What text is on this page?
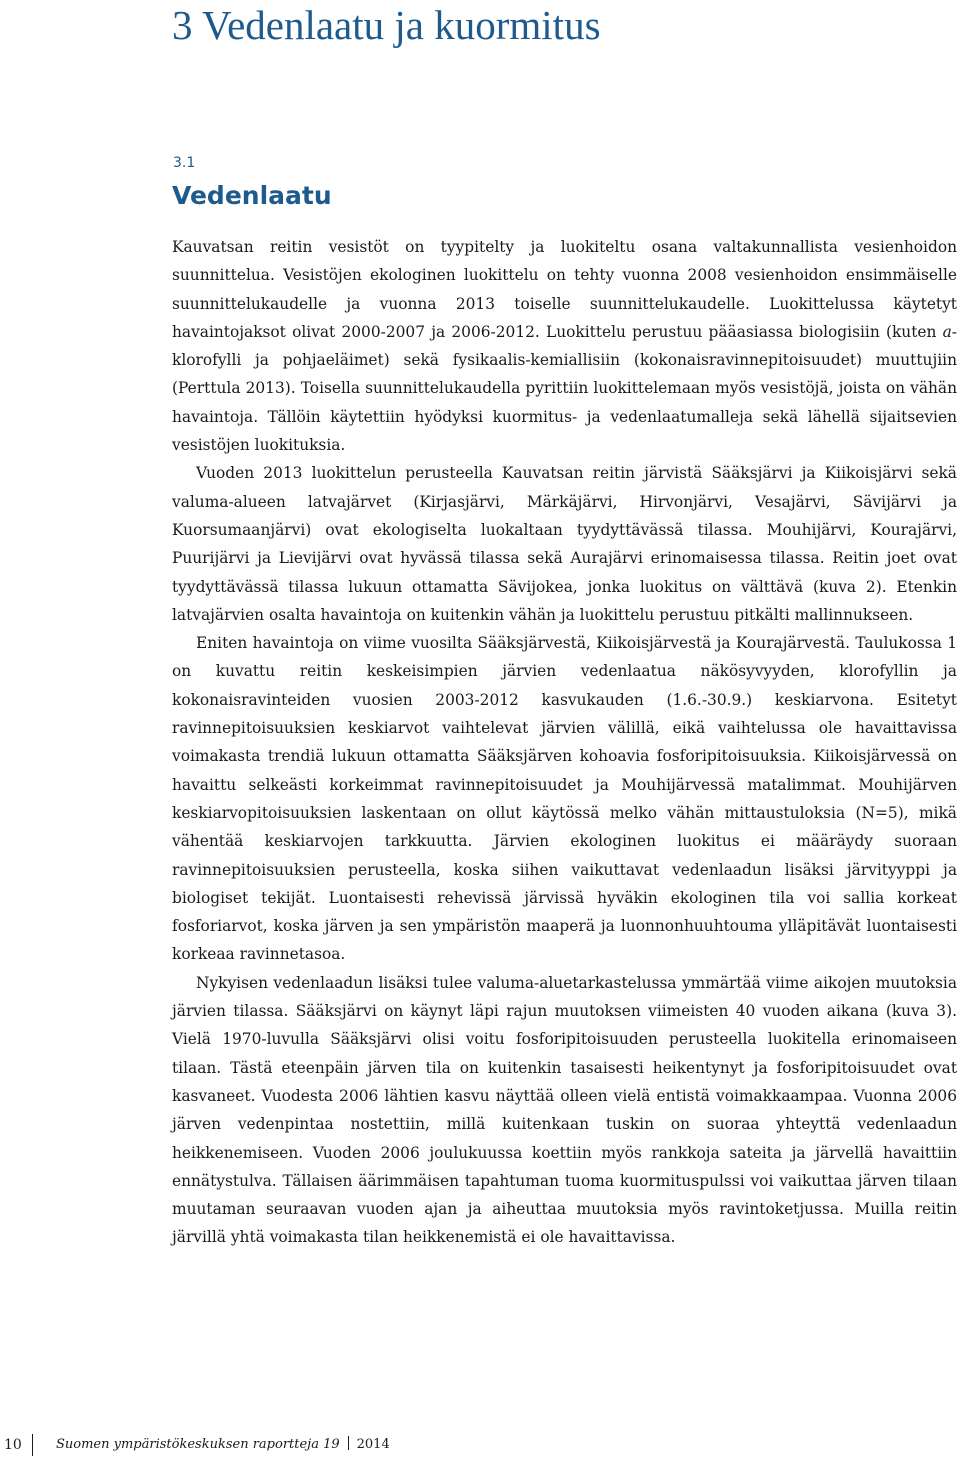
3 Vedenlaatu ja kuormitus
3.1
Vedenlaatu

Kauvatsan reitin vesistöt on tyypitelty ja luokiteltu osana valtakunnallista vesienhoidon suunnittelua. Vesistöjen ekologinen luokittelu on tehty vuonna 2008 vesienhoidon ensimmäiselle suunnittelukaudelle ja vuonna 2013 toiselle suunnittelukaudelle. Luokittelussa käytetyt havaintojaksot olivat 2000-2007 ja 2006-2012. Luokittelu perustuu pääasiassa biologisiin (kuten a-klorofylli ja pohjaeläimet) sekä fysikaalis-kemiallisiin (kokonaisravinnepitoisuudet) muuttujiin (Perttula 2013). Toisella suunnittelukaudella pyrittiin luokittelemaan myös vesistöjä, joista on vähän havaintoja. Tällöin käytettiin hyödyksi kuormitus- ja vedenlaatumalleja sekä lähellä sijaitsevien vesistöjen luokituksia.

Vuoden 2013 luokittelun perusteella Kauvatsan reitin järvistä Sääksjärvi ja Kiikoisjärvi sekä valuma-alueen latvajärvet (Kirjasjärvi, Märkäjärvi, Hirvonjärvi, Vesajärvi, Sävijärvi ja Kuorsumaanjärvi) ovat ekologiselta luokaltaan tyydyttävässä tilassa. Mouhijärvi, Kourajärvi, Puurijärvi ja Lievijärvi ovat hyvässä tilassa sekä Aurajärvi erinomaisessa tilassa. Reitin joet ovat tyydyttävässä tilassa lukuun ottamatta Sävijokea, jonka luokitus on välttävä (kuva 2). Etenkin latvajärvien osalta havaintoja on kuitenkin vähän ja luokittelu perustuu pitkälti mallinnukseen.

Eniten havaintoja on viime vuosilta Sääksjärvestä, Kiikoisjärvestä ja Kourajärvestä. Taulukossa 1 on kuvattu reitin keskeisimpien järvien vedenlaatua näkösyvyyden, klorofyllin ja kokonaisravinteiden vuosien 2003-2012 kasvukauden (1.6.-30.9.) keskiarvona. Esitetyt ravinnepitoisuuksien keskiarvot vaihtelevat järvien välillä, eikä vaihtelussa ole havaittavissa voimakasta trendiä lukuun ottamatta Sääksjärven kohoavia fosforipitoisuuksia. Kiikoisjärvessä on havaittu selkeästi korkeimmat ravinnepitoisuudet ja Mouhijärvessä matalimmat. Mouhijärven keskiarvopitoisuuksien laskentaan on ollut käytössä melko vähän mittaustuloksia (N=5), mikä vähentää keskiarvojen tarkkuutta. Järvien ekologinen luokitus ei määräydy suoraan ravinnepitoisuuksien perusteella, koska siihen vaikuttavat vedenlaadun lisäksi järvityyppi ja biologiset tekijät. Luontaisesti rehevissä järvissä hyväkin ekologinen tila voi sallia korkeat fosforiarvot, koska järven ja sen ympäristön maaperä ja luonnonhuuhtouma ylläpitävät luontaisesti korkeaa ravinnetasoa.

Nykyisen vedenlaadun lisäksi tulee valuma-aluetarkastelussa ymmärtää viime aikojen muutoksia järvien tilassa. Sääksjärvi on käynyt läpi rajun muutoksen viimeisten 40 vuoden aikana (kuva 3). Vielä 1970-luvulla Sääksjärvi olisi voitu fosforipitoisuuden perusteella luokitella erinomaiseen tilaan. Tästä eteenpäin järven tila on kuitenkin tasaisesti heikentynyt ja fosforipitoisuudet ovat kasvaneet. Vuodesta 2006 lähtien kasvu näyttää olleen vielä entistä voimakkaampaa. Vuonna 2006 järven vedenpintaa nostettiin, millä kuitenkaan tuskin on suoraa yhteyttä vedenlaadun heikkenemiseen. Vuoden 2006 joulukuussa koettiin myös rankkoja sateita ja järvellä havaittiin ennätystulva. Tällaisen äärimmäisen tapahtuman tuoma kuormituspulssi voi vaikuttaa järven tilaan muutaman seuraavan vuoden ajan ja aiheuttaa muutoksia myös ravintoketjussa. Muilla reitin järvillä yhtä voimakasta tilan heikkenemistä ei ole havaittavissa.

10	Suomen ympäristökeskuksen raportteja 19 2014
